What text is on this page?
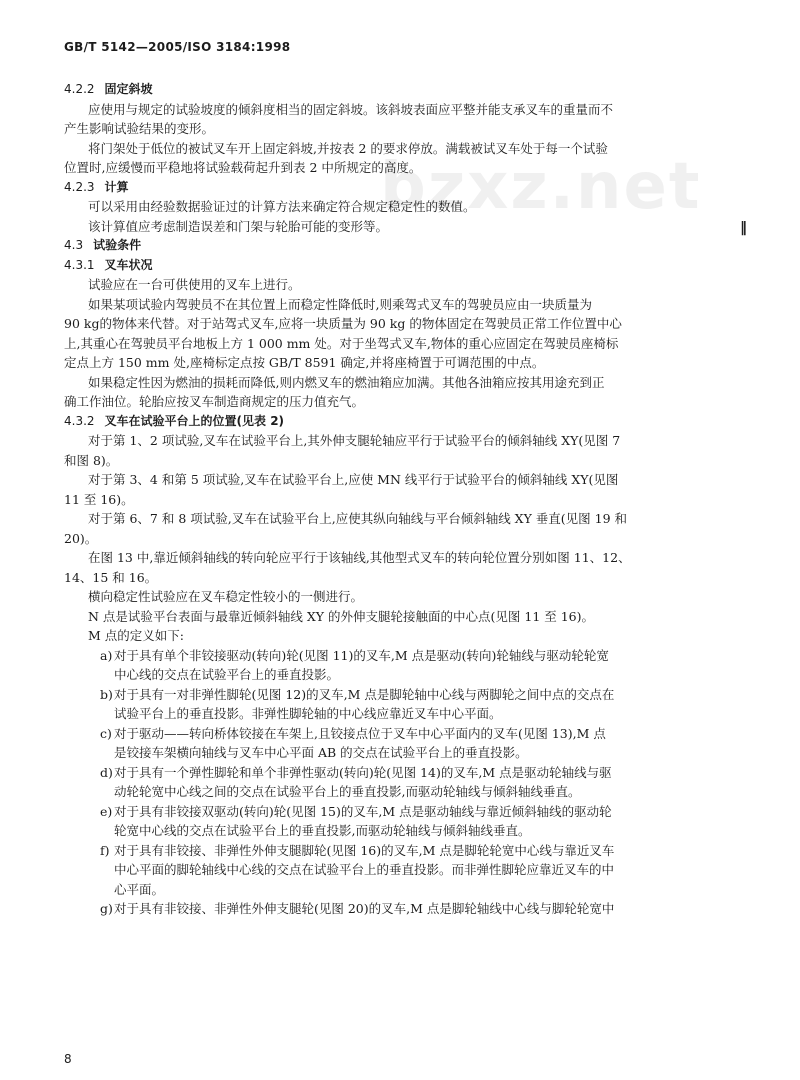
GB/T 5142—2005/ISO 3184:1998
bzxz.net
‖
4.2.2 固定斜坡
应使用与规定的试验坡度的倾斜度相当的固定斜坡。该斜坡表面应平整并能支承叉车的重量而不
产生影响试验结果的变形。
将门架处于低位的被试叉车开上固定斜坡,并按表 2 的要求停放。满载被试叉车处于每一个试验
位置时,应缓慢而平稳地将试验载荷起升到表 2 中所规定的高度。
4.2.3 计算
可以采用由经验数据验证过的计算方法来确定符合规定稳定性的数值。
该计算值应考虑制造误差和门架与轮胎可能的变形等。
4.3 试验条件
4.3.1 叉车状况
试验应在一台可供使用的叉车上进行。
如果某项试验内驾驶员不在其位置上而稳定性降低时,则乘驾式叉车的驾驶员应由一块质量为
90 kg的物体来代替。对于站驾式叉车,应将一块质量为 90 kg 的物体固定在驾驶员正常工作位置中心
上,其重心在驾驶员平台地板上方 1 000 mm 处。对于坐驾式叉车,物体的重心应固定在驾驶员座椅标
定点上方 150 mm 处,座椅标定点按 GB/T 8591 确定,并将座椅置于可调范围的中点。
如果稳定性因为燃油的损耗而降低,则内燃叉车的燃油箱应加满。其他各油箱应按其用途充到正
确工作油位。轮胎应按叉车制造商规定的压力值充气。
4.3.2 叉车在试验平台上的位置(见表 2)
对于第 1、2 项试验,叉车在试验平台上,其外伸支腿轮轴应平行于试验平台的倾斜轴线 XY(见图 7
和图 8)。
对于第 3、4 和第 5 项试验,叉车在试验平台上,应使 MN 线平行于试验平台的倾斜轴线 XY(见图
11 至 16)。
对于第 6、7 和 8 项试验,叉车在试验平台上,应使其纵向轴线与平台倾斜轴线 XY 垂直(见图 19 和
20)。
在图 13 中,靠近倾斜轴线的转向轮应平行于该轴线,其他型式叉车的转向轮位置分别如图 11、12、
14、15 和 16。
横向稳定性试验应在叉车稳定性较小的一侧进行。
N 点是试验平台表面与最靠近倾斜轴线 XY 的外伸支腿轮接触面的中心点(见图 11 至 16)。
M 点的定义如下:
a) 对于具有单个非铰接驱动(转向)轮(见图 11)的叉车,M 点是驱动(转向)轮轴线与驱动轮轮宽
中心线的交点在试验平台上的垂直投影。
b) 对于具有一对非弹性脚轮(见图 12)的叉车,M 点是脚轮轴中心线与两脚轮之间中点的交点在
试验平台上的垂直投影。非弹性脚轮轴的中心线应靠近叉车中心平面。
c) 对于驱动——转向桥体铰接在车架上,且铰接点位于叉车中心平面内的叉车(见图 13),M 点
是铰接车架横向轴线与叉车中心平面 AB 的交点在试验平台上的垂直投影。
d) 对于具有一个弹性脚轮和单个非弹性驱动(转向)轮(见图 14)的叉车,M 点是驱动轮轴线与驱
动轮轮宽中心线之间的交点在试验平台上的垂直投影,而驱动轮轴线与倾斜轴线垂直。
e) 对于具有非铰接双驱动(转向)轮(见图 15)的叉车,M 点是驱动轴线与靠近倾斜轴线的驱动轮
轮宽中心线的交点在试验平台上的垂直投影,而驱动轮轴线与倾斜轴线垂直。
f) 对于具有非铰接、非弹性外伸支腿脚轮(见图 16)的叉车,M 点是脚轮轮宽中心线与靠近叉车
中心平面的脚轮轴线中心线的交点在试验平台上的垂直投影。而非弹性脚轮应靠近叉车的中
心平面。
g) 对于具有非铰接、非弹性外伸支腿轮(见图 20)的叉车,M 点是脚轮轴线中心线与脚轮轮宽中
8
